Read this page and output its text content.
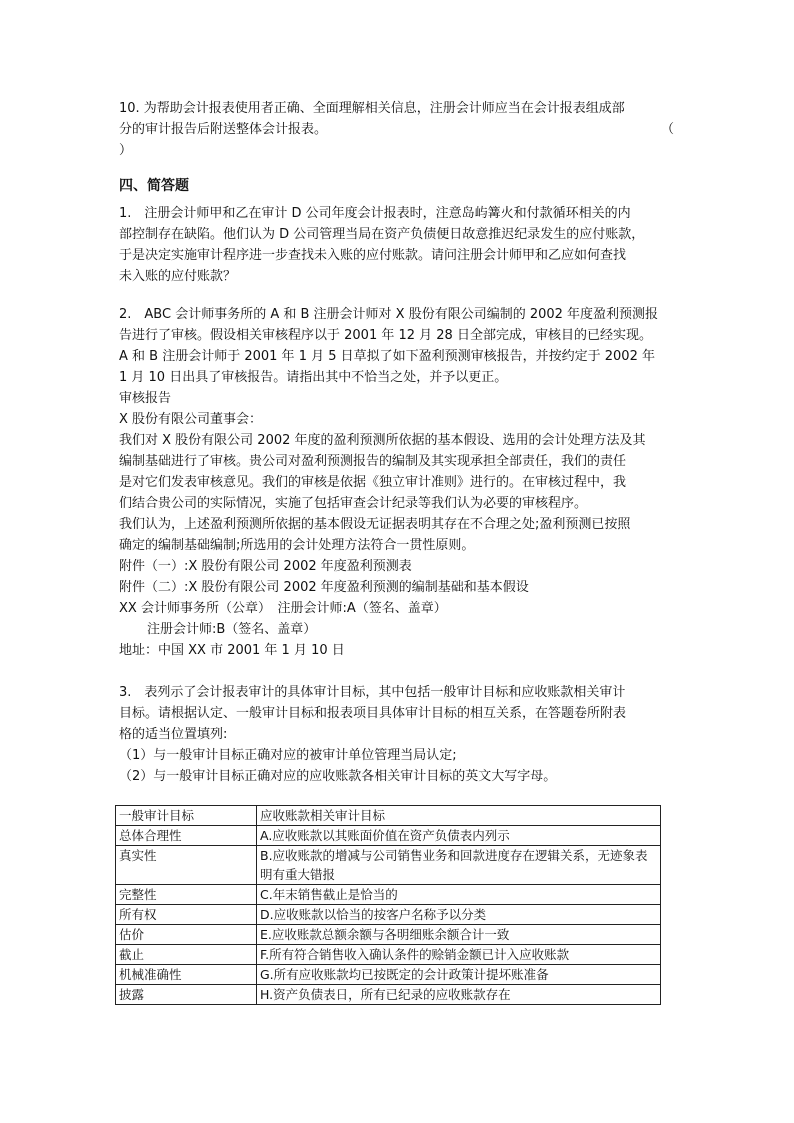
10. 为帮助会计报表使用者正确、全面理解相关信息，注册会计师应当在会计报表组成部
分的审计报告后附送整体会计报表。	（
）
四、简答题
1.　注册会计师甲和乙在审计 D 公司年度会计报表时，注意岛屿篝火和付款循环相关的内
部控制存在缺陷。他们认为 D 公司管理当局在资产负债便日故意推迟纪录发生的应付账款，
于是决定实施审计程序进一步查找未入账的应付账款。请问注册会计师甲和乙应如何查找
未入账的应付账款？
2.　ABC 会计师事务所的 A 和 B 注册会计师对 X 股份有限公司编制的 2002 年度盈利预测报
告进行了审核。假设相关审核程序以于 2001 年 12 月 28 日全部完成，审核目的已经实现。
A 和 B 注册会计师于 2001 年 1 月 5 日草拟了如下盈利预测审核报告，并按约定于 2002 年
1 月 10 日出具了审核报告。请指出其中不恰当之处，并予以更正。
审核报告
X 股份有限公司董事会：
我们对 X 股份有限公司 2002 年度的盈利预测所依据的基本假设、选用的会计处理方法及其
编制基础进行了审核。贵公司对盈利预测报告的编制及其实现承担全部责任，我们的责任
是对它们发表审核意见。我们的审核是依据《独立审计准则》进行的。在审核过程中，我
们结合贵公司的实际情况，实施了包括审查会计纪录等我们认为必要的审核程序。
我们认为，上述盈利预测所依据的基本假设无证据表明其存在不合理之处;盈利预测已按照
确定的编制基础编制;所选用的会计处理方法符合一贯性原则。
附件（一）:X 股份有限公司 2002 年度盈利预测表
附件（二）:X 股份有限公司 2002 年度盈利预测的编制基础和基本假设
XX 会计师事务所（公章）　注册会计师:A（签名、盖章）
注册会计师:B（签名、盖章）
地址：中国 XX 市 2001 年 1 月 10 日
3.　表列示了会计报表审计的具体审计目标，其中包括一般审计目标和应收账款相关审计
目标。请根据认定、一般审计目标和报表项目具体审计目标的相互关系，在答题卷所附表
格的适当位置填列:
（1）与一般审计目标正确对应的被审计单位管理当局认定;
（2）与一般审计目标正确对应的应收账款各相关审计目标的英文大写字母。
一般审计目标	应收账款相关审计目标
总体合理性	A.应收账款以其账面价值在资产负债表内列示
真实性	B.应收账款的增减与公司销售业务和回款进度存在逻辑关系，无迹象表明有重大错报
完整性	C.年末销售截止是恰当的
所有权	D.应收账款以恰当的按客户名称予以分类
估价	E.应收账款总额余额与各明细账余额合计一致
截止	F.所有符合销售收入确认条件的赊销金额已计入应收账款
机械准确性	G.所有应收账款均已按既定的会计政策计提坏账准备
披露	H.资产负债表日，所有已纪录的应收账款存在
